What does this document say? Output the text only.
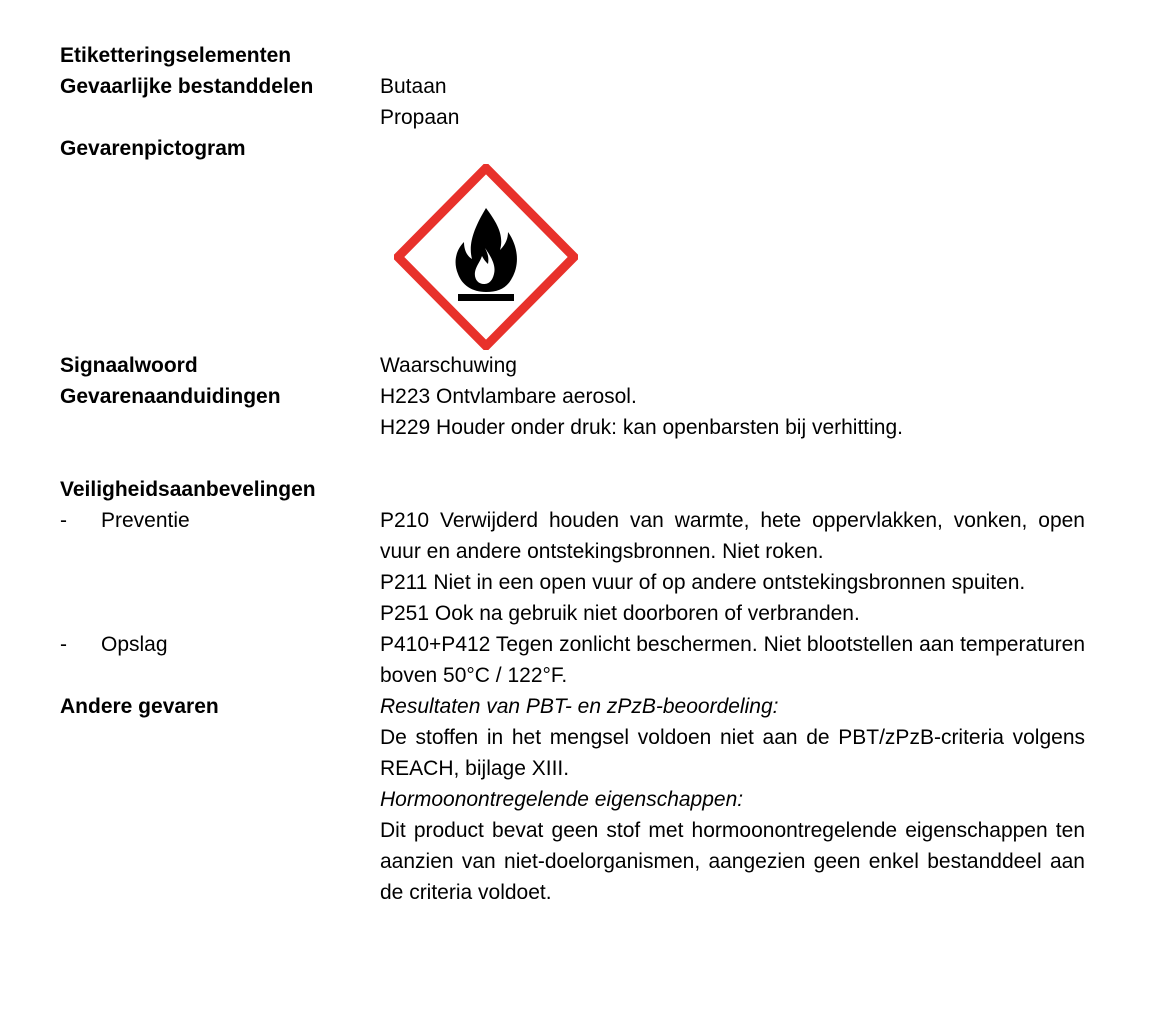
Etiketteringselementen
Gevaarlijke bestanddelen	Butaan
Propaan
Gevarenpictogram
Signaalwoord	Waarschuwing
Gevarenaanduidingen	H223 Ontvlambare aerosol.
H229 Houder onder druk: kan openbarsten bij verhitting.
Veiligheidsaanbevelingen
-	Preventie	P210 Verwijderd houden van warmte, hete oppervlakken, vonken, open vuur en andere ontstekingsbronnen. Niet roken.
P211 Niet in een open vuur of op andere ontstekingsbronnen spuiten.
P251 Ook na gebruik niet doorboren of verbranden.
-	Opslag	P410+P412 Tegen zonlicht beschermen. Niet blootstellen aan temperaturen boven 50°C / 122°F.
Andere gevaren	Resultaten van PBT- en zPzB-beoordeling:
De stoffen in het mengsel voldoen niet aan de PBT/zPzB-criteria volgens REACH, bijlage XIII.
Hormoonontregelende eigenschappen:
Dit product bevat geen stof met hormoonontregelende eigenschappen ten aanzien van niet-doelorganismen, aangezien geen enkel bestanddeel aan de criteria voldoet.
